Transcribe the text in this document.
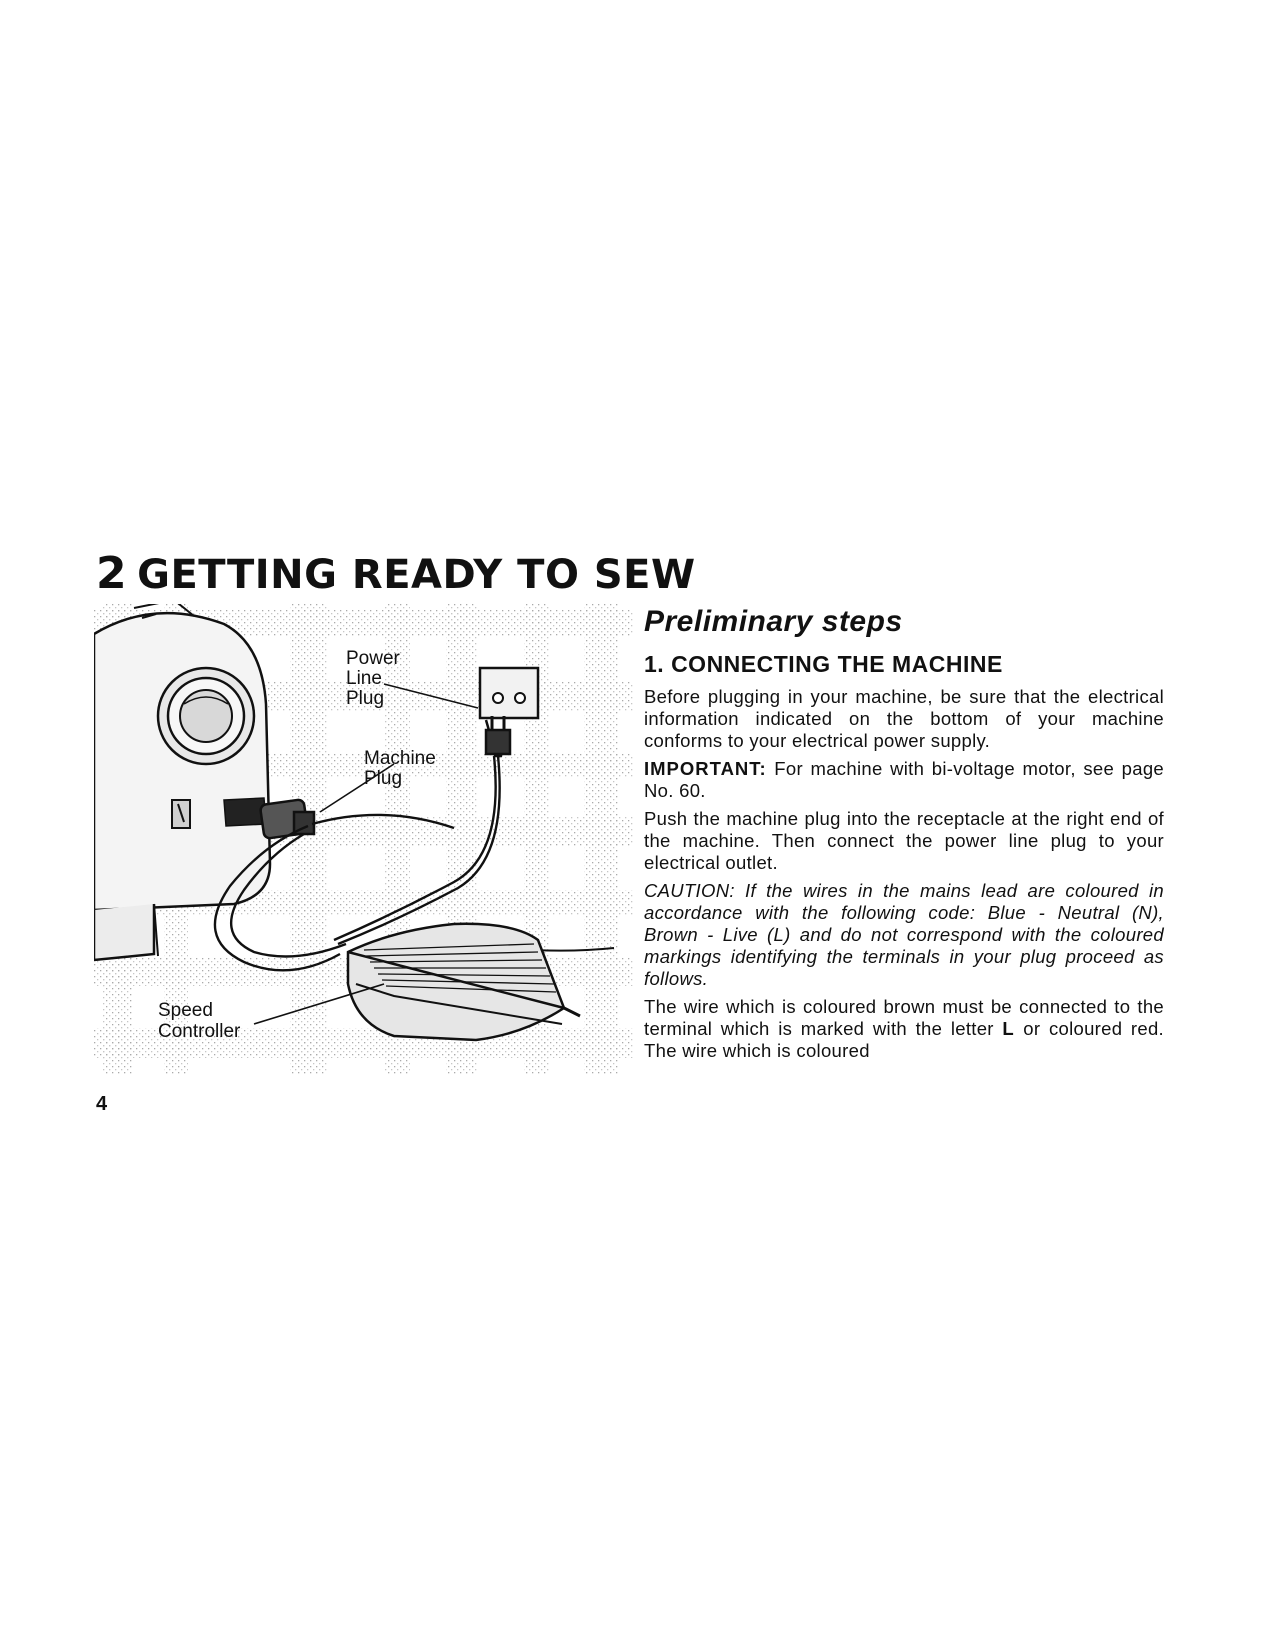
2 GETTING READY TO SEW
Power
Line
Plug
Machine
Plug
Speed
Controller
4
Preliminary steps
1. CONNECTING THE MACHINE

Before plugging in your machine, be sure that the electrical information indicated on the bottom of your machine conforms to your electrical power supply.

IMPORTANT: For machine with bi-voltage motor, see page No. 60.

Push the machine plug into the receptacle at the right end of the machine. Then connect the power line plug to your electrical outlet.

CAUTION: If the wires in the mains lead are coloured in accordance with the following code: Blue - Neutral (N), Brown - Live (L) and do not correspond with the coloured markings identifying the terminals in your plug proceed as follows.

The wire which is coloured brown must be connected to the terminal which is marked with the letter L or coloured red. The wire which is coloured
